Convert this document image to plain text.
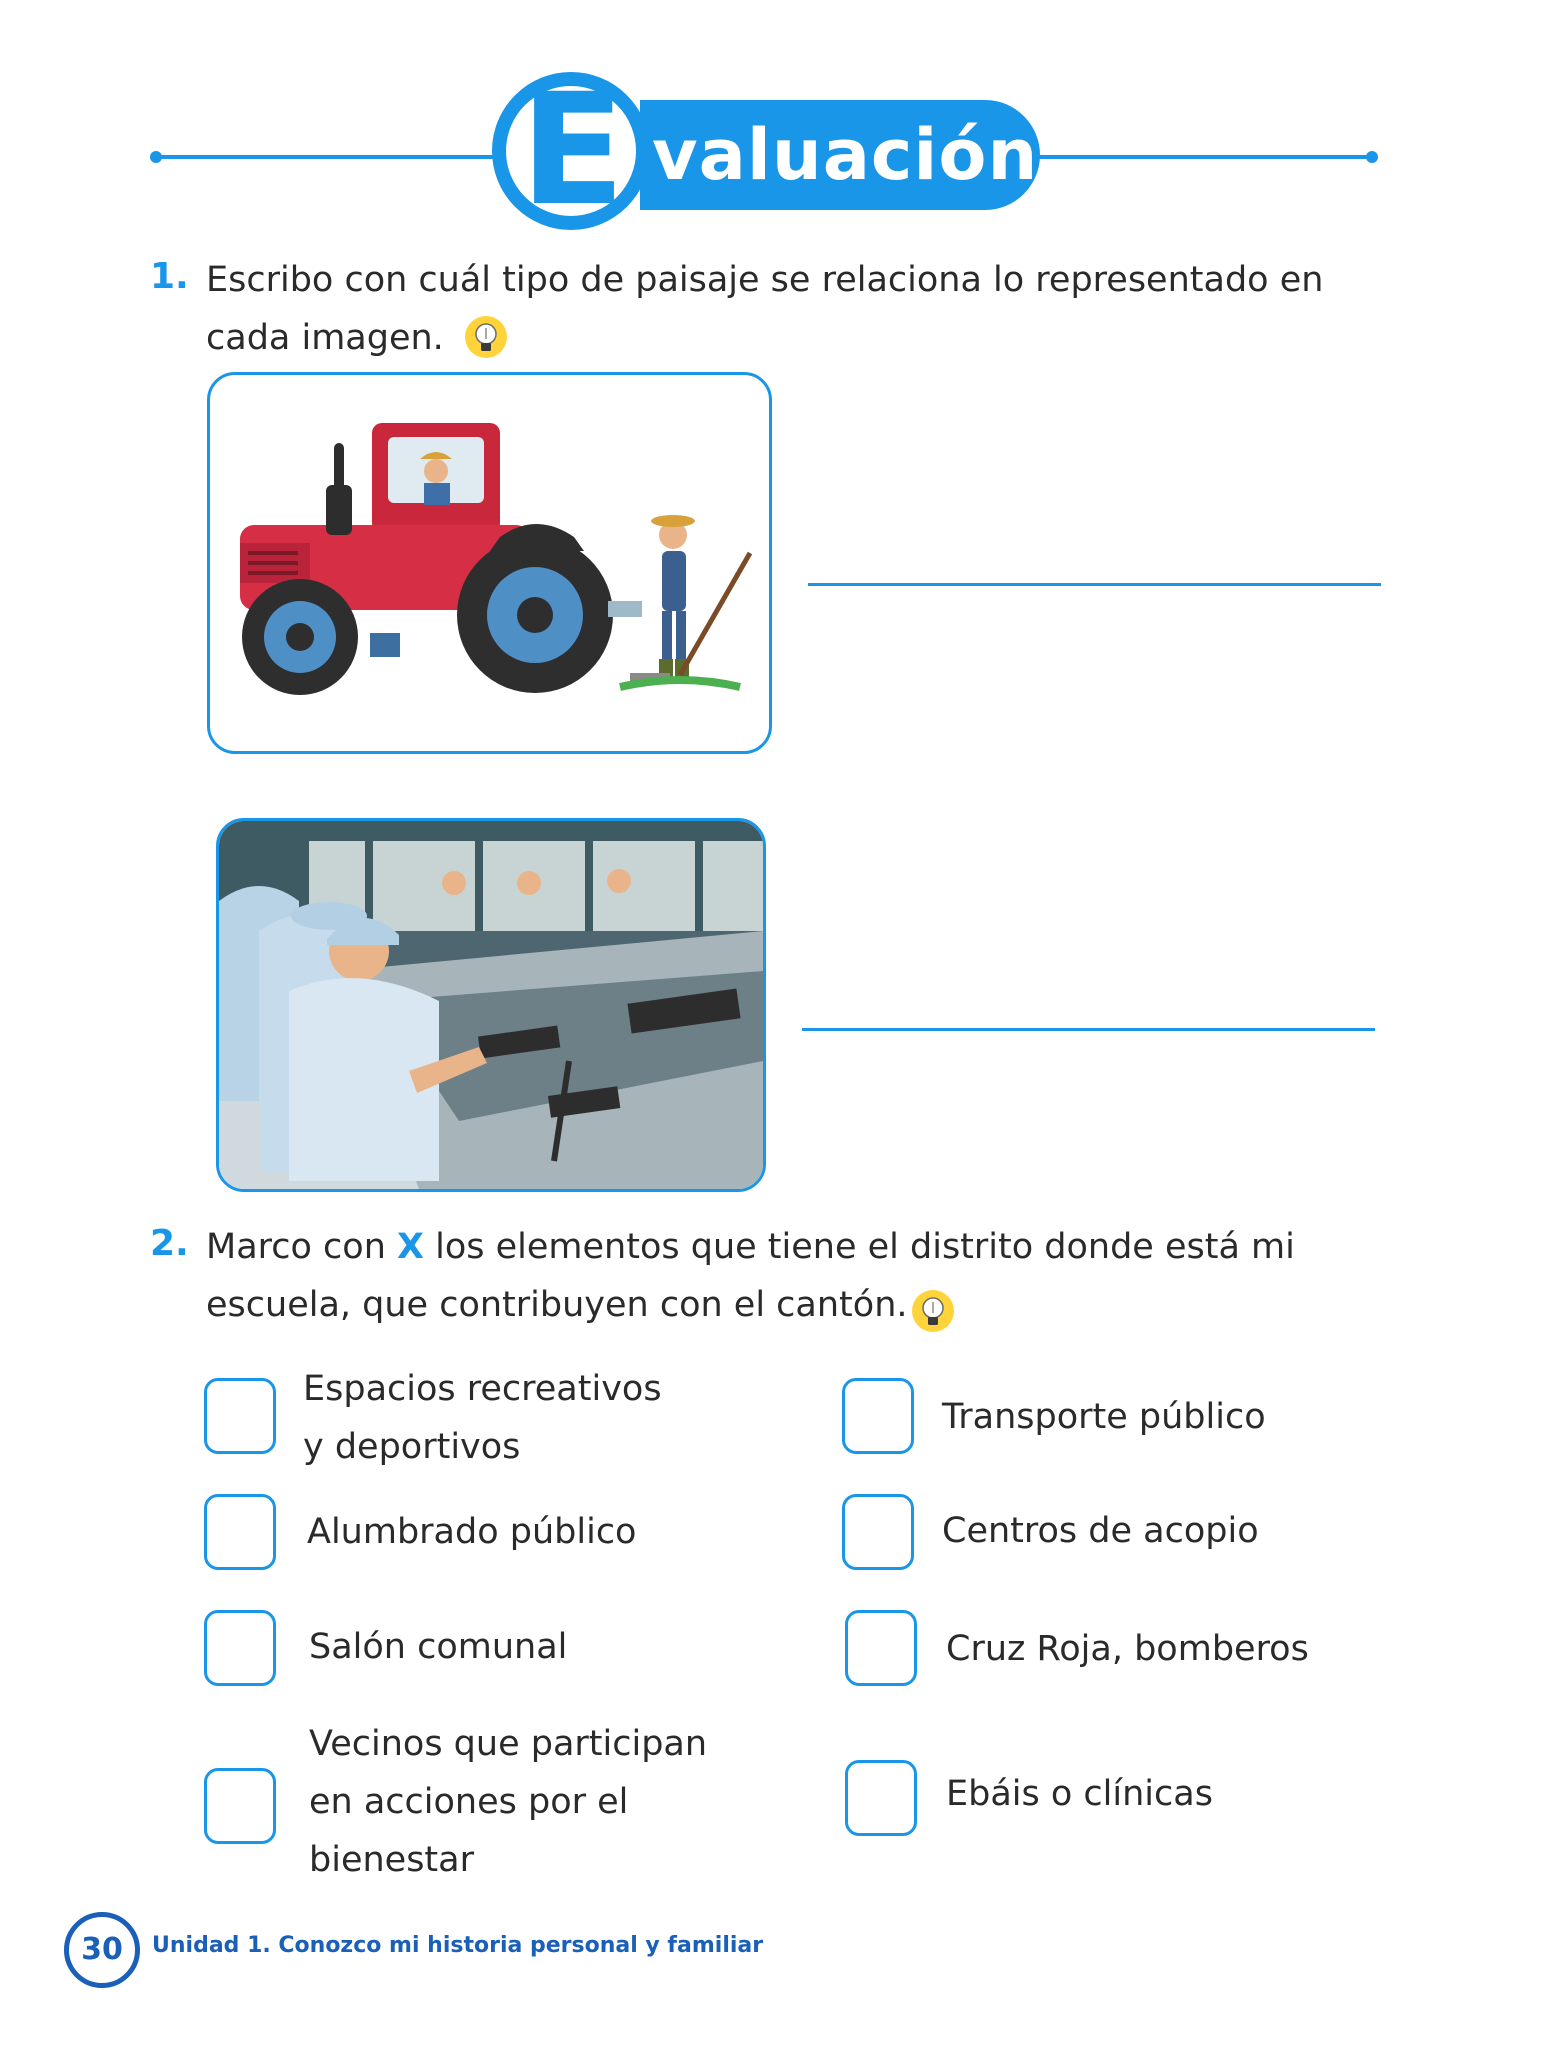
E valuación
1. Escribo con cuál tipo de paisaje se relaciona lo representado en
cada imagen.
2. Marco con X los elementos que tiene el distrito donde está mi
escuela, que contribuyen con el cantón.
Espacios recreativos
y deportivos
Alumbrado público
Salón comunal
Vecinos que participan
en acciones por el
bienestar
Transporte público
Centros de acopio
Cruz Roja, bomberos
Ebáis o clínicas
30	Unidad 1. Conozco mi historia personal y familiar
